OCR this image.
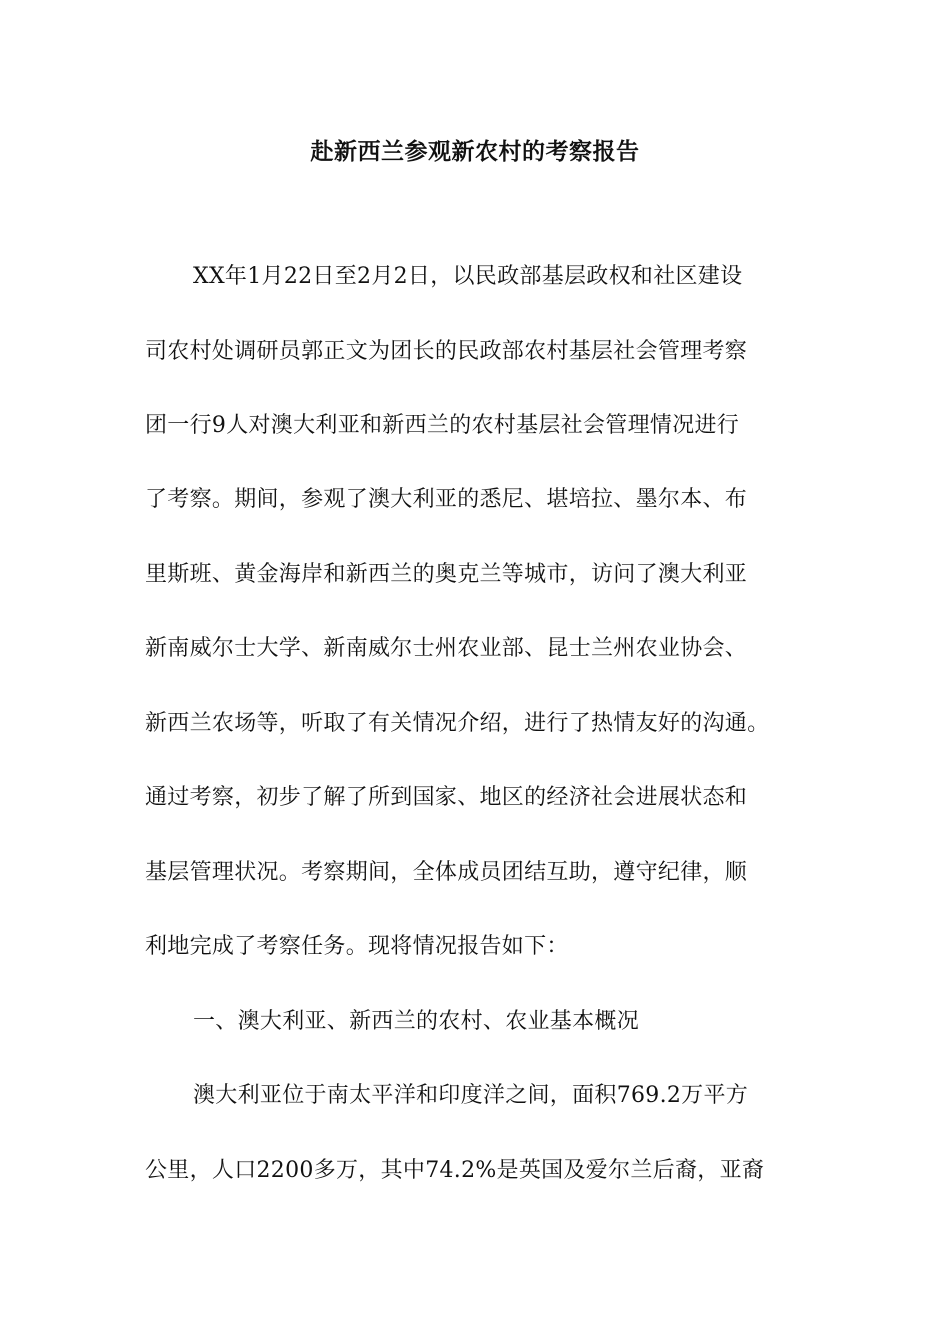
赴新西兰参观新农村的考察报告
XX年1月22日至2月2日，以民政部基层政权和社区建设
司农村处调研员郭正文为团长的民政部农村基层社会管理考察
团一行9人对澳大利亚和新西兰的农村基层社会管理情况进行
了考察。期间，参观了澳大利亚的悉尼、堪培拉、墨尔本、布
里斯班、黄金海岸和新西兰的奥克兰等城市，访问了澳大利亚
新南威尔士大学、新南威尔士州农业部、昆士兰州农业协会、
新西兰农场等，听取了有关情况介绍，进行了热情友好的沟通。
通过考察，初步了解了所到国家、地区的经济社会进展状态和
基层管理状况。考察期间，全体成员团结互助，遵守纪律，顺
利地完成了考察任务。现将情况报告如下：
一、澳大利亚、新西兰的农村、农业基本概况
澳大利亚位于南太平洋和印度洋之间，面积769.2万平方
公里，人口2200多万，其中74.2%是英国及爱尔兰后裔，亚裔
